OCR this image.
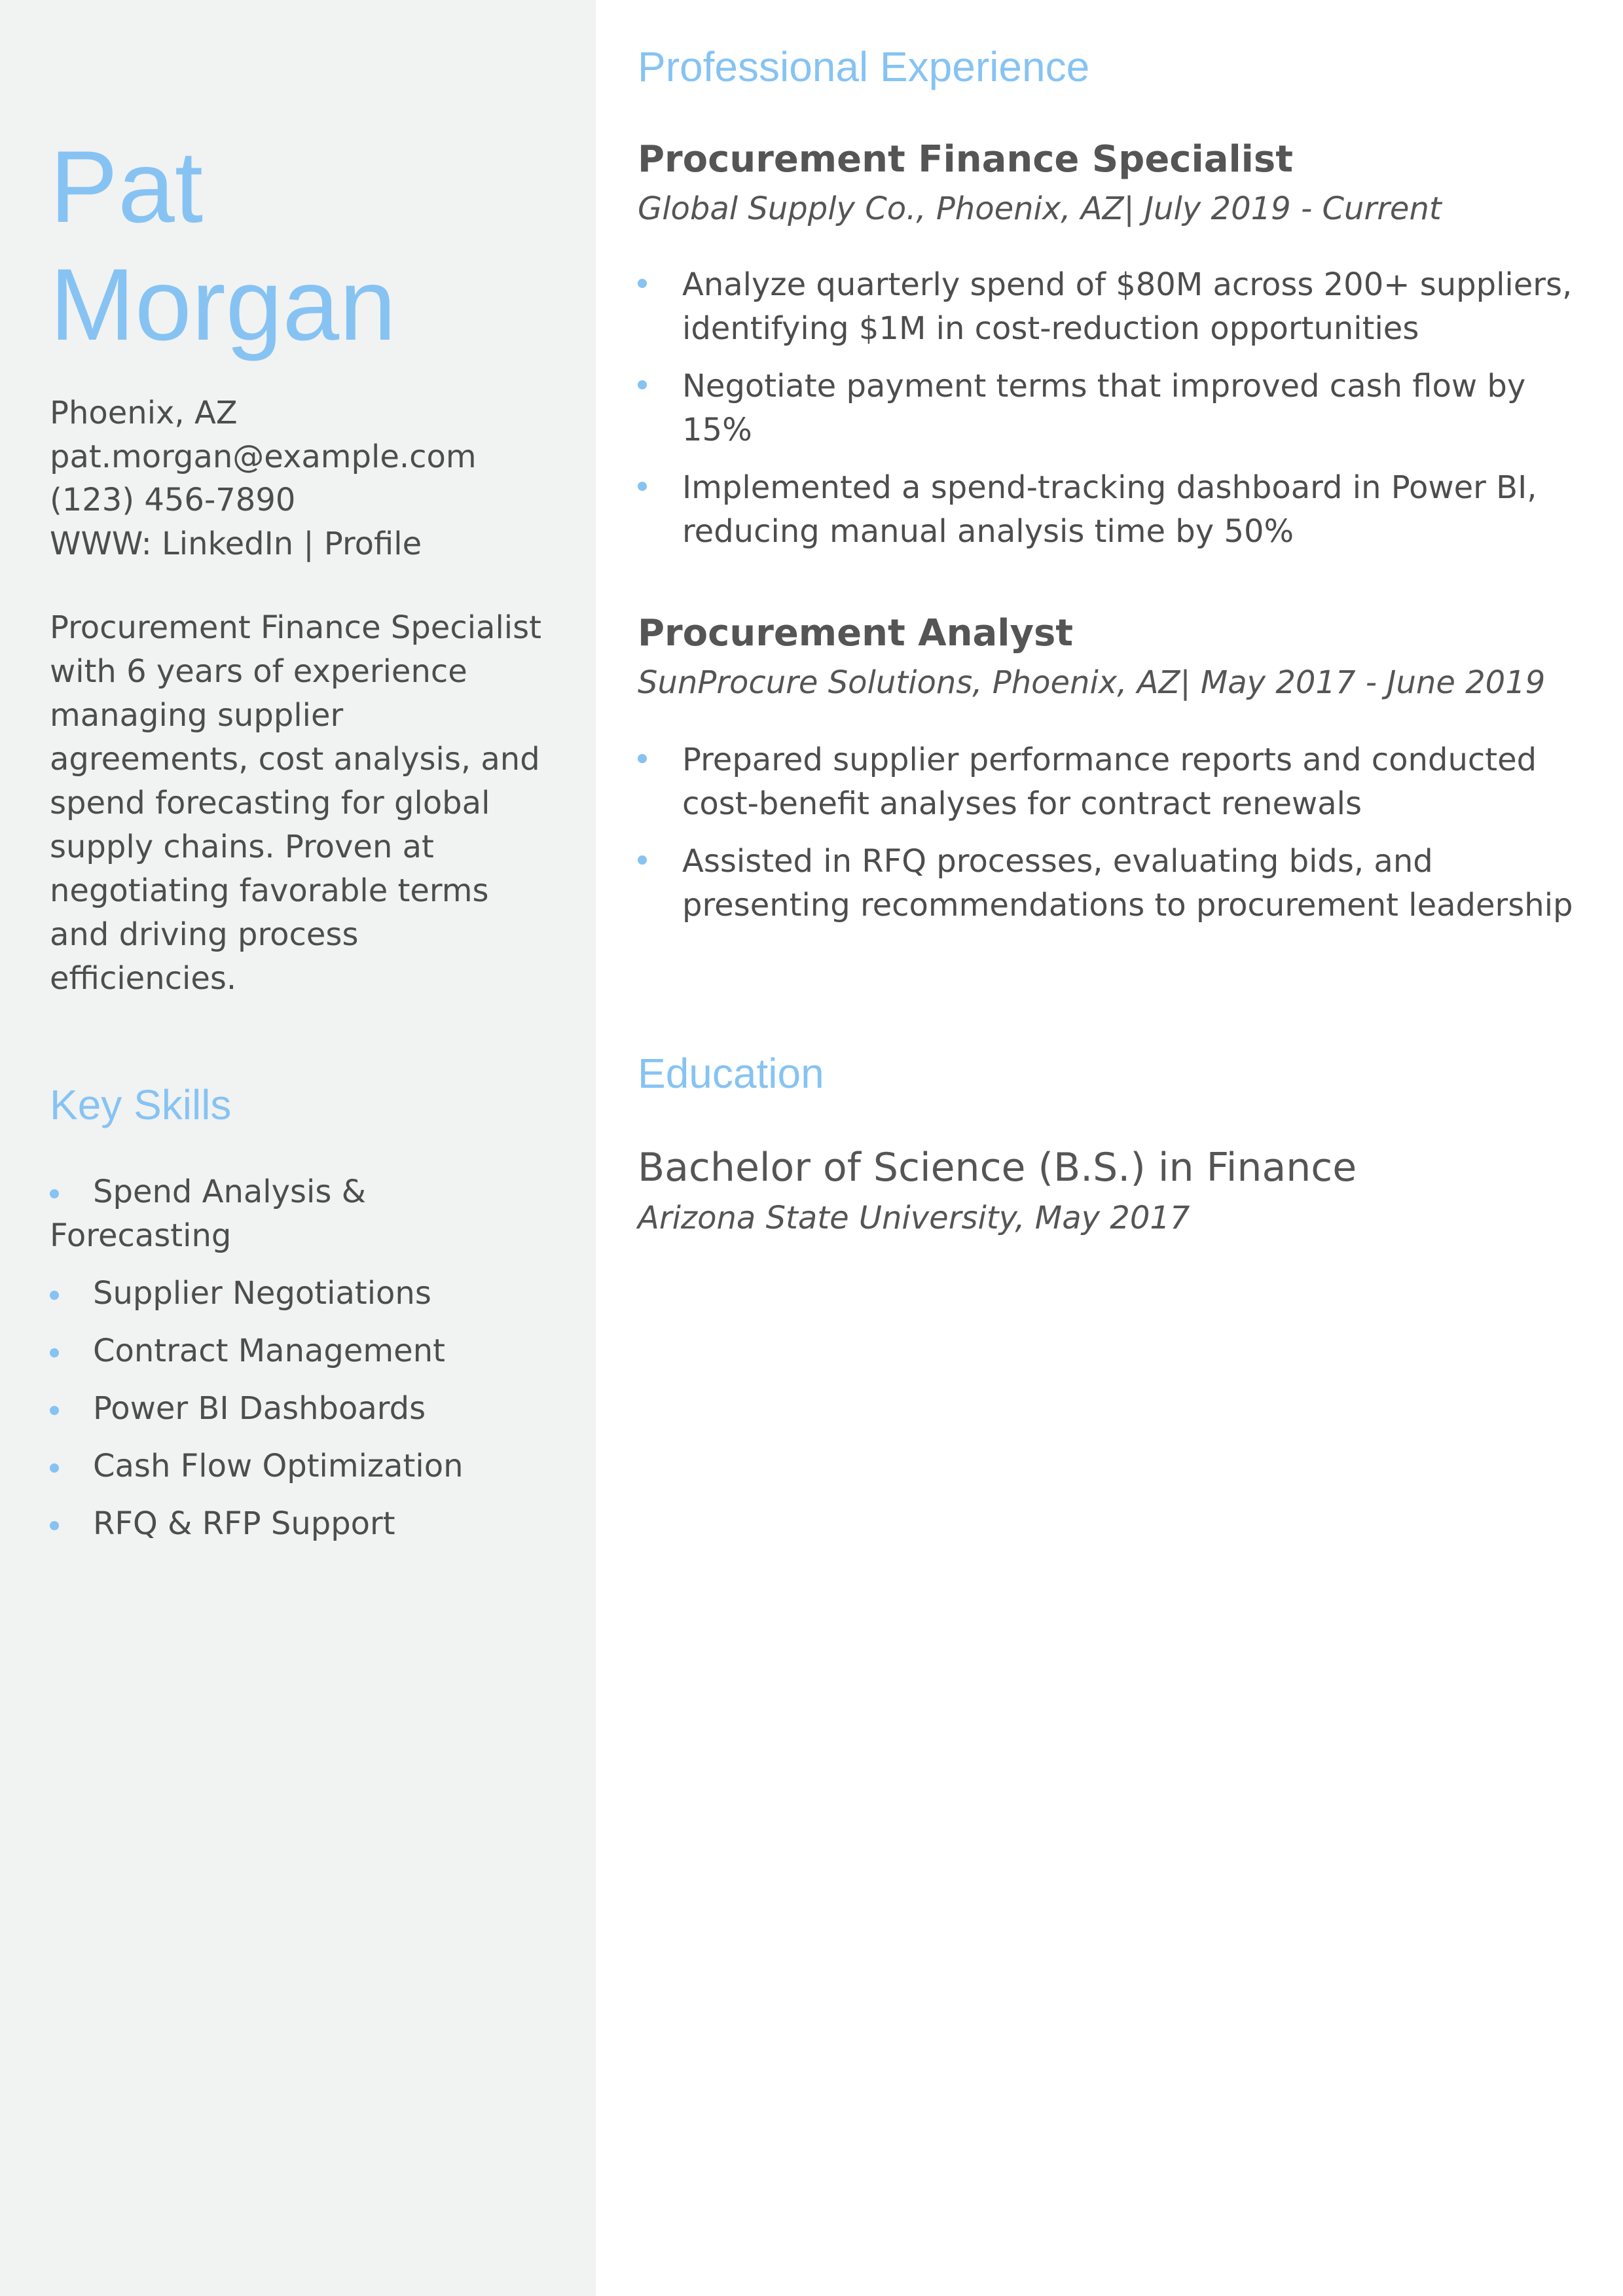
Pat
Morgan
Phoenix, AZ
pat.morgan@example.com
(123) 456-7890
WWW: LinkedIn | Profile
Procurement Finance Specialist with 6 years of experience managing supplier agreements, cost analysis, and spend forecasting for global supply chains. Proven at negotiating favorable terms and driving process efficiencies.
Key Skills
Spend Analysis & Forecasting
Supplier Negotiations
Contract Management
Power BI Dashboards
Cash Flow Optimization
RFQ & RFP Support
Professional Experience
Procurement Finance Specialist
Global Supply Co., Phoenix, AZ| July 2019 - Current
Analyze quarterly spend of $80M across 200+ suppliers, identifying $1M in cost-reduction opportunities
Negotiate payment terms that improved cash flow by 15%
Implemented a spend-tracking dashboard in Power BI, reducing manual analysis time by 50%
Procurement Analyst
SunProcure Solutions, Phoenix, AZ| May 2017 - June 2019
Prepared supplier performance reports and conducted cost-benefit analyses for contract renewals
Assisted in RFQ processes, evaluating bids, and presenting recommendations to procurement leadership
Education
Bachelor of Science (B.S.) in Finance
Arizona State University, May 2017
